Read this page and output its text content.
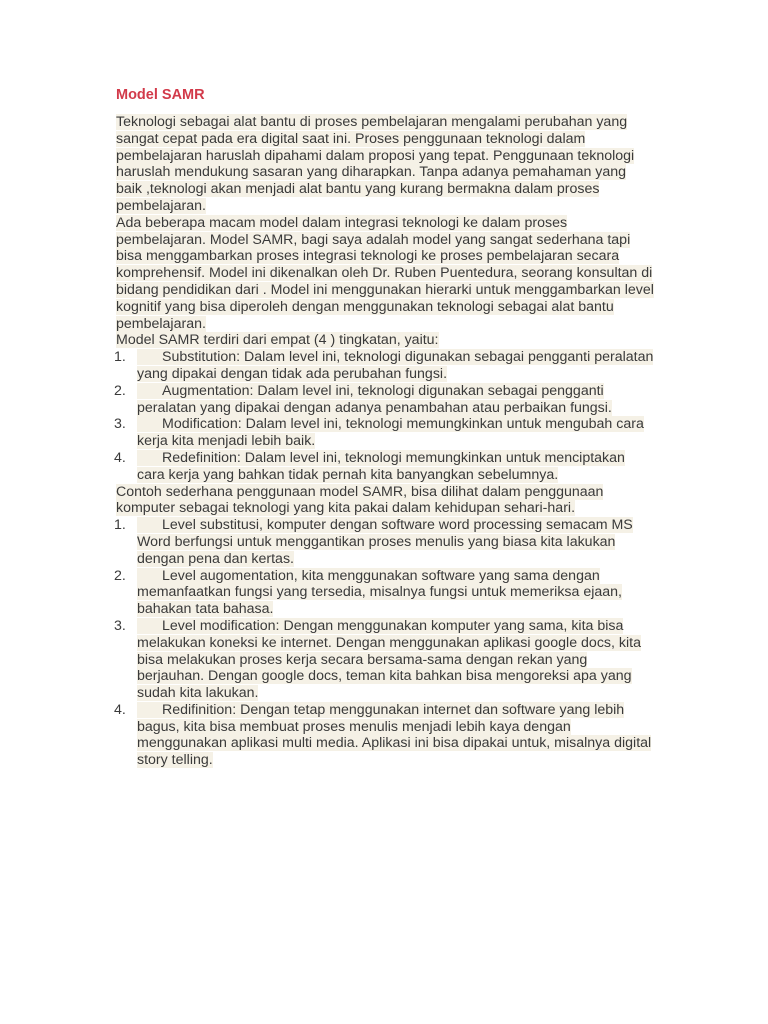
Model SAMR

Teknologi sebagai alat bantu di proses pembelajaran mengalami perubahan yang sangat cepat pada era digital saat ini. Proses penggunaan teknologi dalam pembelajaran haruslah dipahami dalam proposi yang tepat. Penggunaan teknologi haruslah mendukung sasaran yang diharapkan. Tanpa adanya pemahaman yang baik ,teknologi akan menjadi alat bantu yang kurang bermakna dalam proses pembelajaran.

Ada beberapa macam model dalam integrasi teknologi ke dalam proses pembelajaran. Model SAMR, bagi saya adalah model yang sangat sederhana tapi bisa menggambarkan proses integrasi teknologi ke proses pembelajaran secara komprehensif. Model ini dikenalkan oleh Dr. Ruben Puentedura, seorang konsultan di bidang pendidikan dari . Model ini menggunakan hierarki untuk menggambarkan level kognitif yang bisa diperoleh dengan menggunakan teknologi sebagai alat bantu pembelajaran.

Model SAMR terdiri dari empat (4 ) tingkatan, yaitu:

1.	Substitution: Dalam level ini, teknologi digunakan sebagai pengganti peralatan yang dipakai dengan tidak ada perubahan fungsi.
2.	Augmentation: Dalam level ini, teknologi digunakan sebagai pengganti peralatan yang dipakai dengan adanya penambahan atau perbaikan fungsi.
3.	Modification: Dalam level ini, teknologi memungkinkan untuk mengubah cara kerja kita menjadi lebih baik.
4.	Redefinition: Dalam level ini, teknologi memungkinkan untuk menciptakan cara kerja yang bahkan tidak pernah kita banyangkan sebelumnya.

Contoh sederhana penggunaan model SAMR, bisa dilihat dalam penggunaan komputer sebagai teknologi yang kita pakai dalam kehidupan sehari-hari.

1.	Level substitusi, komputer dengan software word processing semacam MS Word berfungsi untuk menggantikan proses menulis yang biasa kita lakukan dengan pena dan kertas.
2.	Level augomentation, kita menggunakan software yang sama dengan memanfaatkan fungsi yang tersedia, misalnya fungsi untuk memeriksa ejaan, bahakan tata bahasa.
3.	Level modification: Dengan menggunakan komputer yang sama, kita bisa melakukan koneksi ke internet. Dengan menggunakan aplikasi google docs, kita bisa melakukan proses kerja secara bersama-sama dengan rekan yang berjauhan. Dengan google docs, teman kita bahkan bisa mengoreksi apa yang sudah kita lakukan.
4.	Redifinition: Dengan tetap menggunakan internet dan software yang lebih bagus, kita bisa membuat proses menulis menjadi lebih kaya dengan menggunakan aplikasi multi media. Aplikasi ini bisa dipakai untuk, misalnya digital story telling.
